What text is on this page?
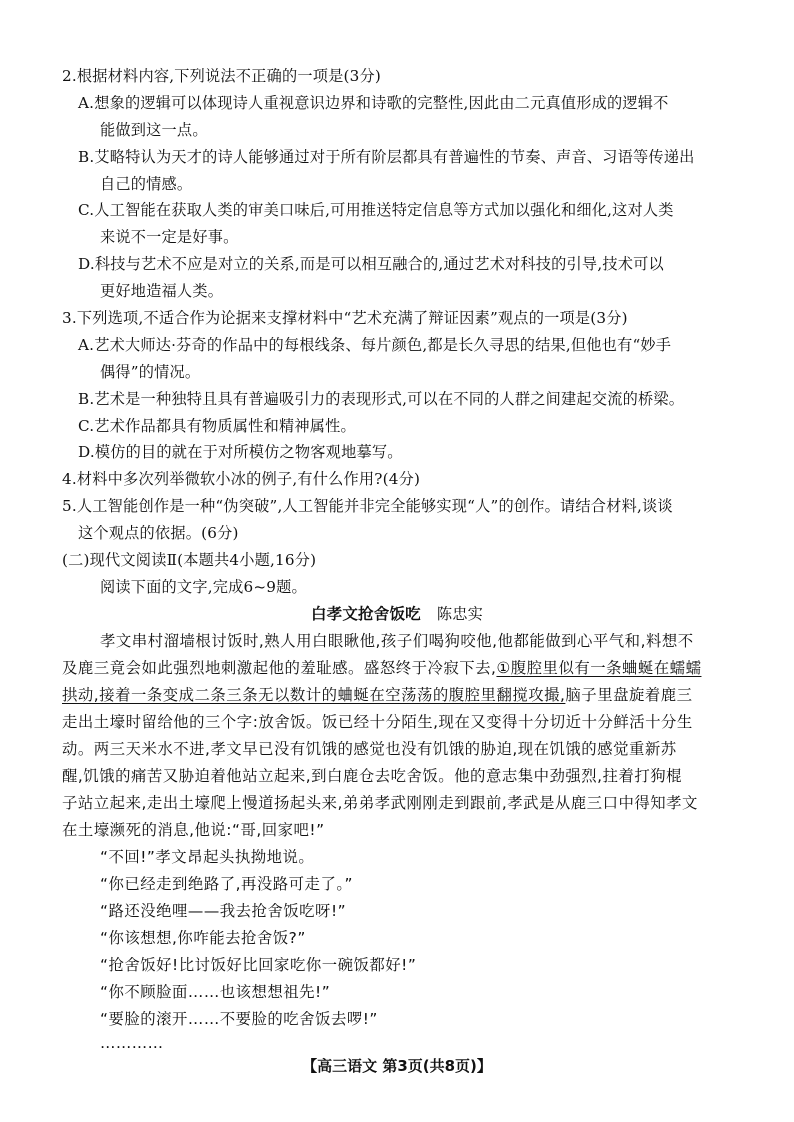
2.根据材料内容,下列说法不正确的一项是(3分)
A.想象的逻辑可以体现诗人重视意识边界和诗歌的完整性,因此由二元真值形成的逻辑不
能做到这一点。
B.艾略特认为天才的诗人能够通过对于所有阶层都具有普遍性的节奏、声音、习语等传递出
自己的情感。
C.人工智能在获取人类的审美口味后,可用推送特定信息等方式加以强化和细化,这对人类
来说不一定是好事。
D.科技与艺术不应是对立的关系,而是可以相互融合的,通过艺术对科技的引导,技术可以
更好地造福人类。
3.下列选项,不适合作为论据来支撑材料中“艺术充满了辩证因素”观点的一项是(3分)
A.艺术大师达·芬奇的作品中的每根线条、每片颜色,都是长久寻思的结果,但他也有“妙手
偶得”的情况。
B.艺术是一种独特且具有普遍吸引力的表现形式,可以在不同的人群之间建起交流的桥梁。
C.艺术作品都具有物质属性和精神属性。
D.模仿的目的就在于对所模仿之物客观地摹写。
4.材料中多次列举微软小冰的例子,有什么作用?(4分)
5.人工智能创作是一种“伪突破”,人工智能并非完全能够实现“人”的创作。请结合材料,谈谈
这个观点的依据。(6分)
(二)现代文阅读Ⅱ(本题共4小题,16分)
阅读下面的文字,完成6~9题。
白孝文抢舍饭吃 陈忠实
孝文串村溜墙根讨饭时,熟人用白眼瞅他,孩子们喝狗咬他,他都能做到心平气和,料想不
及鹿三竟会如此强烈地刺激起他的羞耻感。盛怒终于冷寂下去,①腹腔里似有一条蛐蜒在蠕蠕
拱动,接着一条变成二条三条无以数计的蛐蜒在空荡荡的腹腔里翻搅攻撮,脑子里盘旋着鹿三
走出土壕时留给他的三个字:放舍饭。饭已经十分陌生,现在又变得十分切近十分鲜活十分生
动。两三天米水不进,孝文早已没有饥饿的感觉也没有饥饿的胁迫,现在饥饿的感觉重新苏
醒,饥饿的痛苦又胁迫着他站立起来,到白鹿仓去吃舍饭。他的意志集中劲强烈,拄着打狗棍
子站立起来,走出土壕爬上慢道扬起头来,弟弟孝武刚刚走到跟前,孝武是从鹿三口中得知孝文
在土壕濒死的消息,他说:“哥,回家吧!”
“不回!”孝文昂起头执拗地说。
“你已经走到绝路了,再没路可走了。”
“路还没绝哩——我去抢舍饭吃呀!”
“你该想想,你咋能去抢舍饭?”
“抢舍饭好!比讨饭好比回家吃你一碗饭都好!”
“你不顾脸面……也该想想祖先!”
“要脸的滚开……不要脸的吃舍饭去啰!”
…………
【高三语文 第3页(共8页)】
